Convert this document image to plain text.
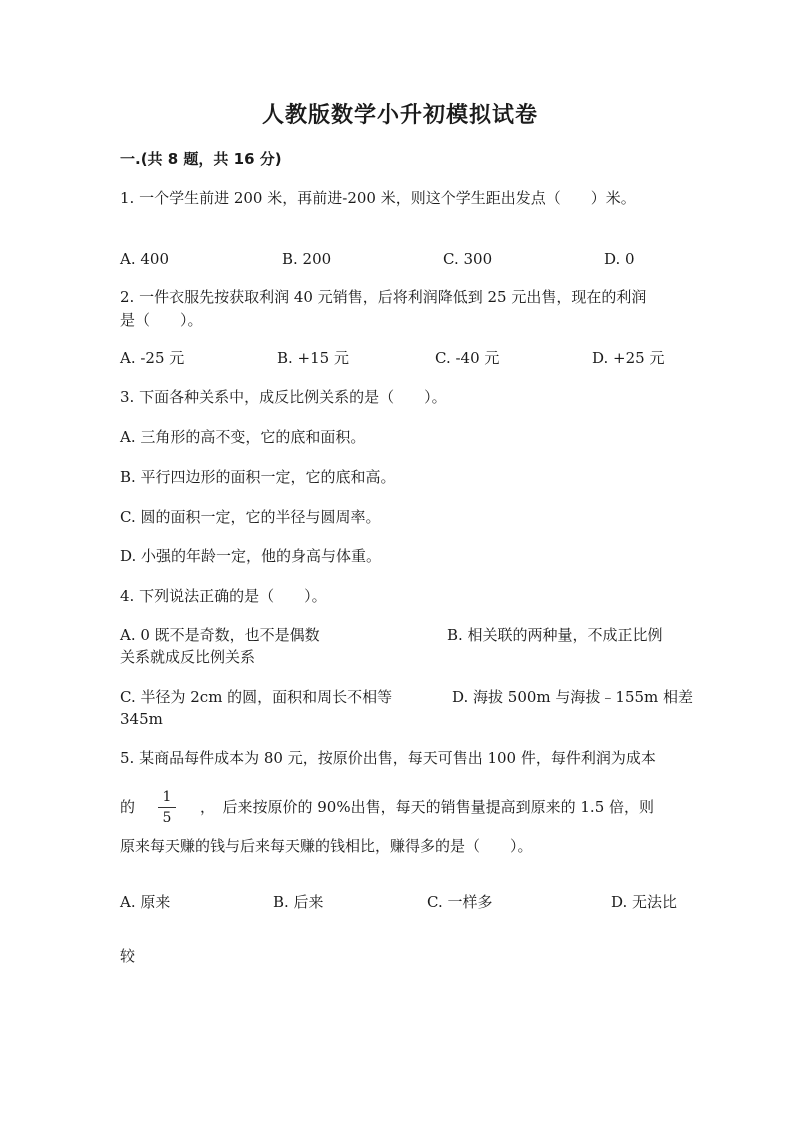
人教版数学小升初模拟试卷
一.(共 8 题，共 16 分)
1. 一个学生前进 200 米，再前进-200 米，则这个学生距出发点（　　）米。
A. 400	B. 200	C. 300	D. 0
2. 一件衣服先按获取利润 40 元销售，后将利润降低到 25 元出售，现在的利润
是（　　）。
A. -25 元	B. +15 元	C. -40 元	D. +25 元
3. 下面各种关系中，成反比例关系的是（　　）。
A. 三角形的高不变，它的底和面积。
B. 平行四边形的面积一定，它的底和高。
C. 圆的面积一定，它的半径与圆周率。
D. 小强的年龄一定，他的身高与体重。
4. 下列说法正确的是（　　）。
A. 0 既不是奇数，也不是偶数	B. 相关联的两种量，不成正比例
关系就成反比例关系
C. 半径为 2cm 的圆，面积和周长不相等	D. 海拔 500m 与海拔﹣155m 相差
345m
5. 某商品每件成本为 80 元，按原价出售，每天可售出 100 件，每件利润为成本
的
1
5
，　后来按原价的 90%出售，每天的销售量提高到原来的 1.5 倍，则
原来每天赚的钱与后来每天赚的钱相比，赚得多的是（　　）。
A. 原来	B. 后来	C. 一样多	D. 无法比
较
